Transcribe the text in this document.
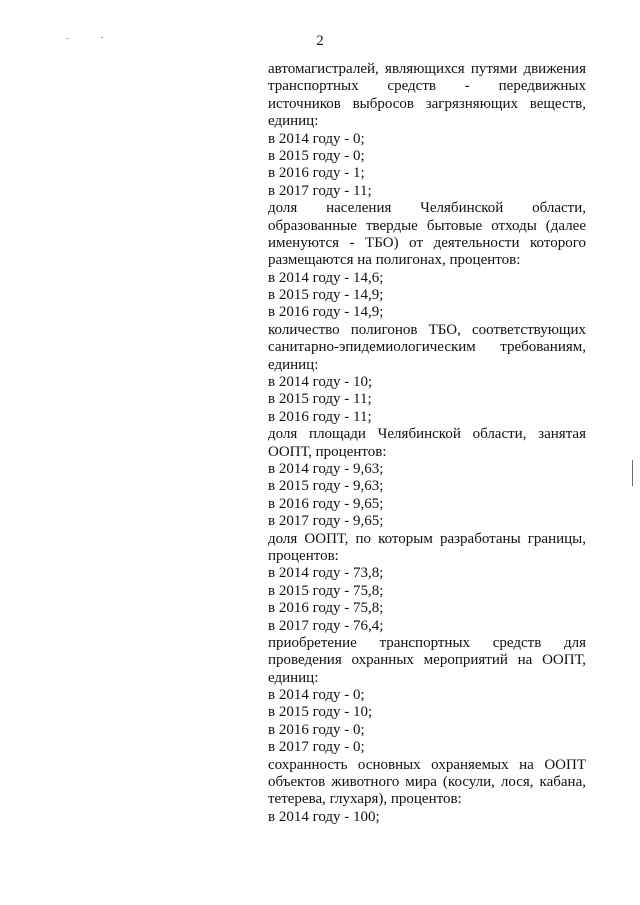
2
автомагистралей, являющихся путями движения
транспортных средств - передвижных
источников выбросов загрязняющих веществ,
единиц:
в 2014 году - 0;
в 2015 году - 0;
в 2016 году - 1;
в 2017 году - 11;
доля населения Челябинской области,
образованные твердые бытовые отходы (далее
именуются - ТБО) от деятельности которого
размещаются на полигонах, процентов:
в 2014 году - 14,6;
в 2015 году - 14,9;
в 2016 году - 14,9;
количество полигонов ТБО, соответствующих
санитарно-эпидемиологическим требованиям,
единиц:
в 2014 году - 10;
в 2015 году - 11;
в 2016 году - 11;
доля площади Челябинской области, занятая
ООПТ, процентов:
в 2014 году - 9,63;
в 2015 году - 9,63;
в 2016 году - 9,65;
в 2017 году - 9,65;
доля ООПТ, по которым разработаны границы,
процентов:
в 2014 году - 73,8;
в 2015 году - 75,8;
в 2016 году - 75,8;
в 2017 году - 76,4;
приобретение транспортных средств для
проведения охранных мероприятий на ООПТ,
единиц:
в 2014 году - 0;
в 2015 году - 10;
в 2016 году - 0;
в 2017 году - 0;
сохранность основных охраняемых на ООПТ
объектов животного мира (косули, лося, кабана,
тетерева, глухаря), процентов:
в 2014 году - 100;
